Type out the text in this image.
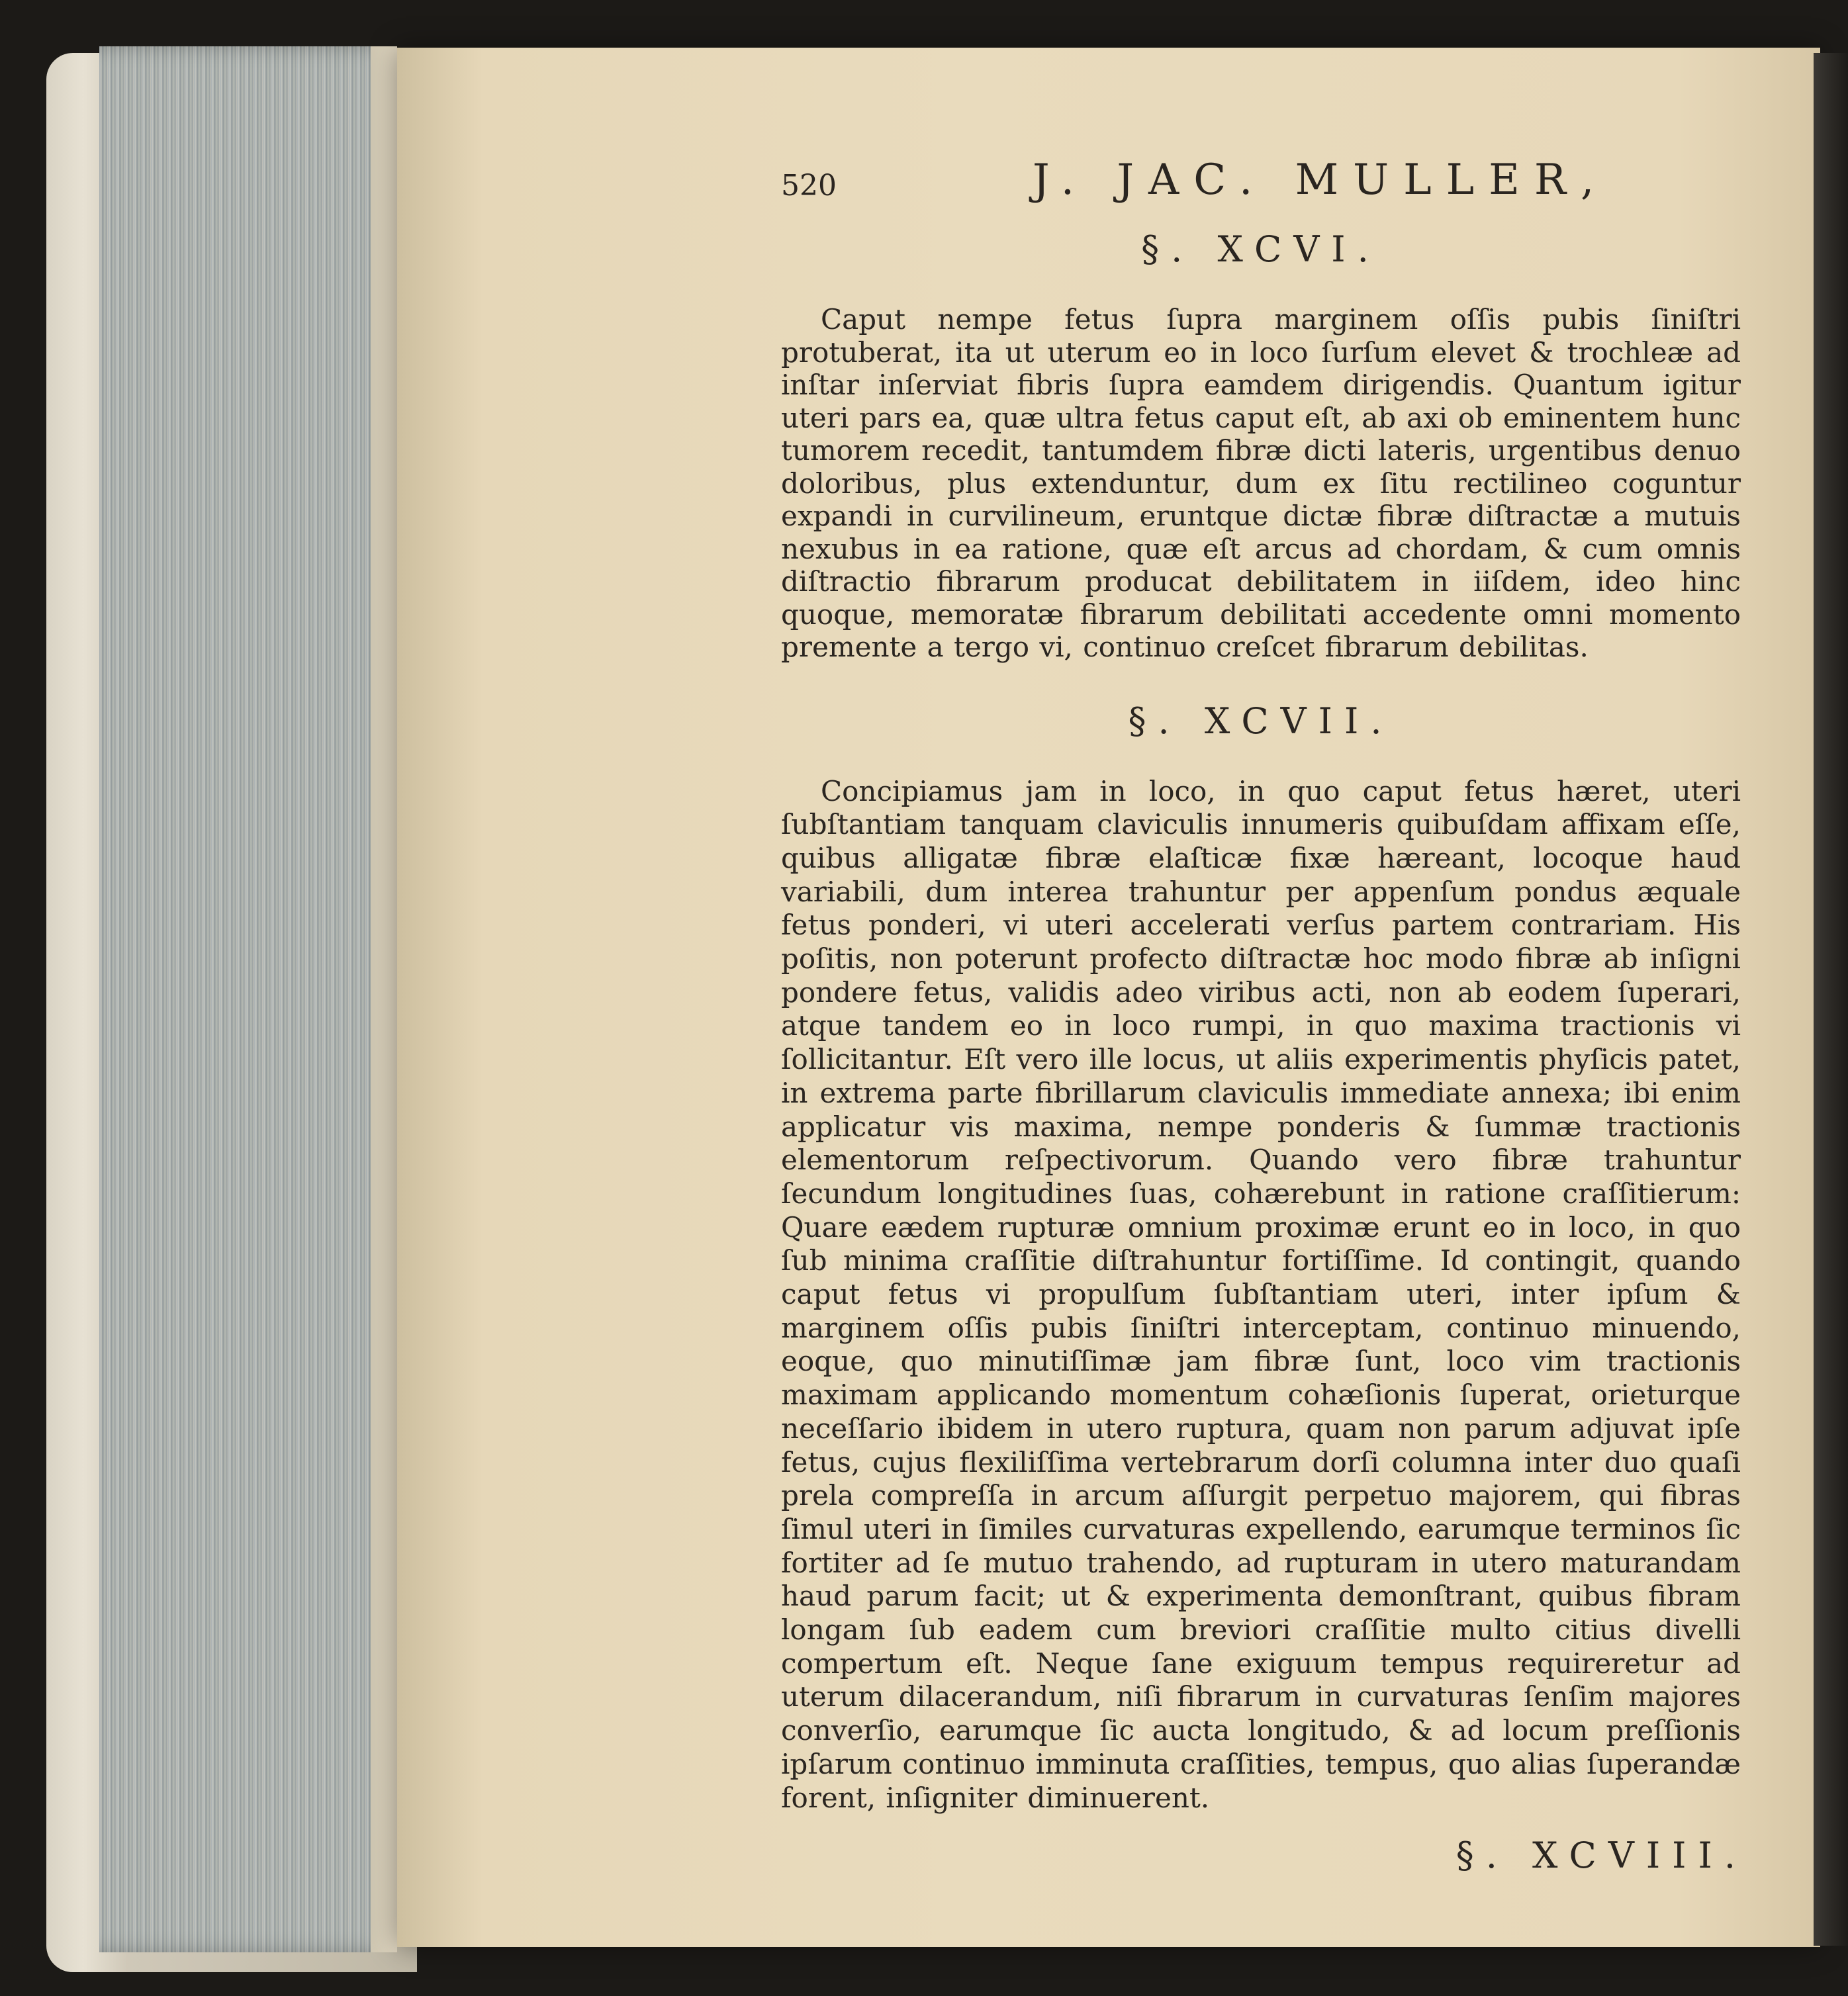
520	J. JAC. MULLER,
§. XCVI.

Caput nempe fetus ſupra marginem oſſis pubis ſiniſtri protuberat, ita ut uterum eo in loco ſurſum elevet & trochleæ ad inſtar inſerviat fibris ſupra eamdem dirigendis. Quantum igitur uteri pars ea, quæ ultra fetus caput eſt, ab axi ob eminentem hunc tumorem recedit, tantumdem fibræ dicti lateris, urgentibus denuo doloribus, plus extenduntur, dum ex ſitu rectilineo coguntur expandi in curvilineum, eruntque dictæ fibræ diſtractæ a mutuis nexubus in ea ratione, quæ eſt arcus ad chordam, & cum omnis diſtractio fibrarum producat debilitatem in iiſdem, ideo hinc quoque, memoratæ fibrarum debilitati accedente omni momento premente a tergo vi, continuo creſcet fibrarum debilitas.

§. XCVII.

Concipiamus jam in loco, in quo caput fetus hæret, uteri ſubſtantiam tanquam claviculis innumeris quibuſdam affixam eſſe, quibus alligatæ fibræ elaſticæ fixæ hæreant, locoque haud variabili, dum interea trahuntur per appenſum pondus æquale fetus ponderi, vi uteri accelerati verſus partem contrariam. His poſitis, non poterunt profecto diſtractæ hoc modo fibræ ab inſigni pondere fetus, validis adeo viribus acti, non ab eodem ſuperari, atque tandem eo in loco rumpi, in quo maxima tractionis vi ſollicitantur. Eſt vero ille locus, ut aliis experimentis phyſicis patet, in extrema parte fibrillarum claviculis immediate annexa; ibi enim applicatur vis maxima, nempe ponderis & ſummæ tractionis elementorum reſpectivorum. Quando vero fibræ trahuntur ſecundum longitudines ſuas, cohærebunt in ratione craſſitierum: Quare eædem rupturæ omnium proximæ erunt eo in loco, in quo ſub minima craſſitie diſtrahuntur fortiſſime. Id contingit, quando caput fetus vi propulſum ſubſtantiam uteri, inter ipſum & marginem oſſis pubis ſiniſtri interceptam, continuo minuendo, eoque, quo minutiſſimæ jam fibræ ſunt, loco vim tractionis maximam applicando momentum cohæſionis ſuperat, orieturque neceſſario ibidem in utero ruptura, quam non parum adjuvat ipſe fetus, cujus flexiliſſima vertebrarum dorſi columna inter duo quaſi prela compreſſa in arcum aſſurgit perpetuo majorem, qui fibras ſimul uteri in ſimiles curvaturas expellendo, earumque terminos ſic fortiter ad ſe mutuo trahendo, ad rupturam in utero maturandam haud parum facit; ut & experimenta demonſtrant, quibus fibram longam ſub eadem cum breviori craſſitie multo citius divelli compertum eſt. Neque ſane exiguum tempus requireretur ad uterum dilacerandum, niſi fibrarum in curvaturas ſenſim majores converſio, earumque ſic aucta longitudo, & ad locum preſſionis ipſarum continuo imminuta craſſities, tempus, quo alias ſuperandæ forent, inſigniter diminuerent.

§. XCVIII.
